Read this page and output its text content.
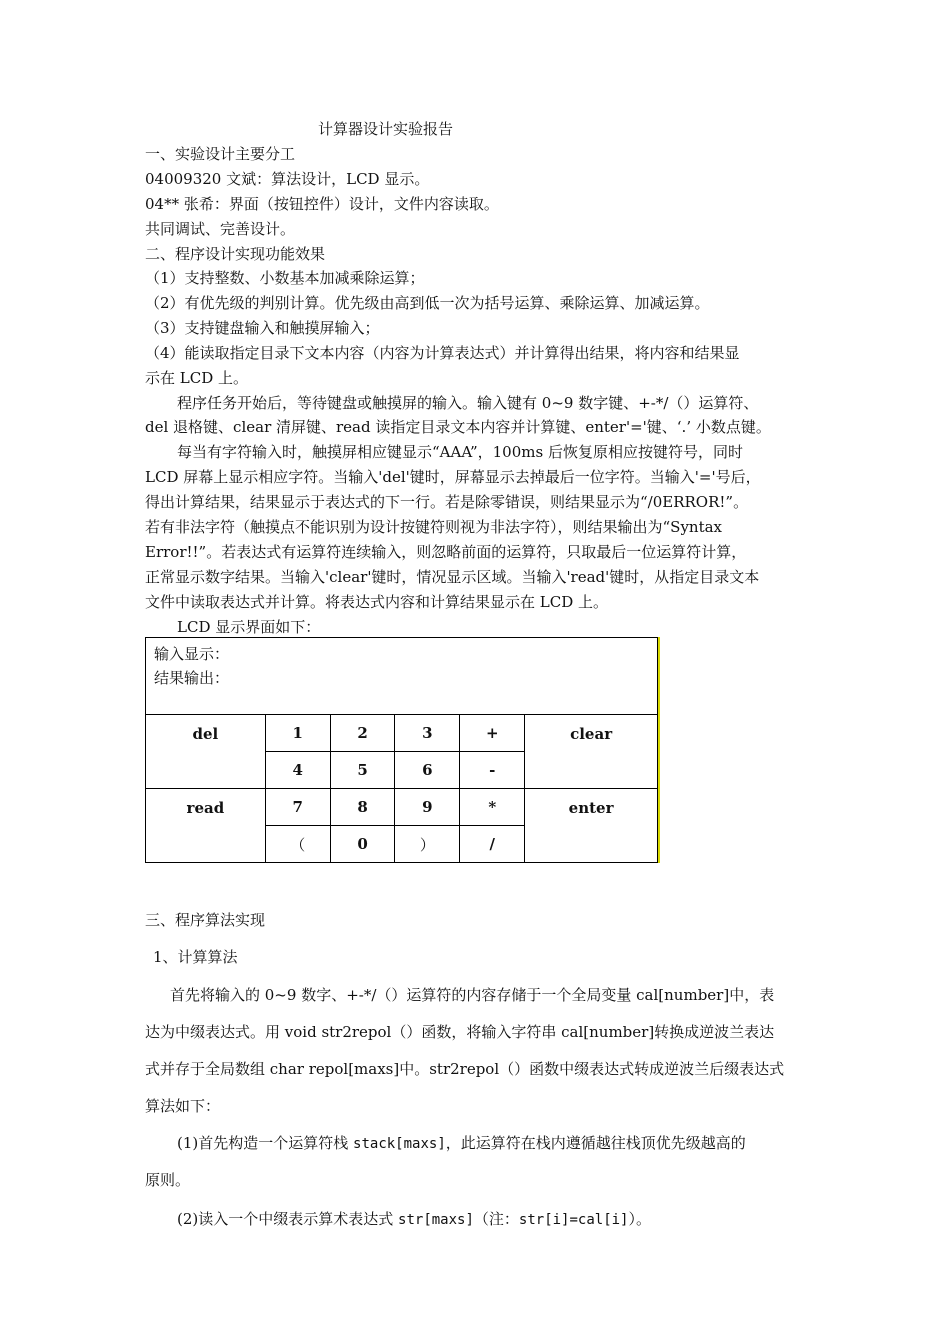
计算器设计实验报告
一、实验设计主要分工
04009320 文斌：算法设计，LCD 显示。
04** 张希：界面（按钮控件）设计，文件内容读取。
共同调试、完善设计。
二、程序设计实现功能效果
（1）支持整数、小数基本加减乘除运算；
（2）有优先级的判别计算。优先级由高到低一次为括号运算、乘除运算、加减运算。
（3）支持键盘输入和触摸屏输入；
（4）能读取指定目录下文本内容（内容为计算表达式）并计算得出结果，将内容和结果显
示在 LCD 上。
程序任务开始后，等待键盘或触摸屏的输入。输入键有 0~9 数字键、+-*/（）运算符、
del 退格键、clear 清屏键、read 读指定目录文本内容并计算键、enter'='键、‘.’ 小数点键。
每当有字符输入时，触摸屏相应键显示“AAA”，100ms 后恢复原相应按键符号，同时
LCD 屏幕上显示相应字符。当输入'del'键时，屏幕显示去掉最后一位字符。当输入'='号后，
得出计算结果，结果显示于表达式的下一行。若是除零错误，则结果显示为“/0ERROR!”。
若有非法字符（触摸点不能识别为设计按键符则视为非法字符），则结果输出为“Syntax
Error!!”。若表达式有运算符连续输入，则忽略前面的运算符，只取最后一位运算符计算，
正常显示数字结果。当输入'clear'键时，情况显示区域。当输入'read'键时，从指定目录文本
文件中读取表达式并计算。将表达式内容和计算结果显示在 LCD 上。
LCD 显示界面如下：
输入显示：
结果输出：					

del	1	2	3	+	clear
	4	5	6	-	
read	7	8	9	*	enter
	（	0	）	/	
三、程序算法实现
1、计算算法
首先将输入的 0~9 数字、+-*/（）运算符的内容存储于一个全局变量 cal[number]中，表
达为中缀表达式。用 void str2repol（）函数，将输入字符串 cal[number]转换成逆波兰表达
式并存于全局数组 char repol[maxs]中。str2repol（）函数中缀表达式转成逆波兰后缀表达式
算法如下：
(1)首先构造一个运算符栈 stack[maxs]，此运算符在栈内遵循越往栈顶优先级越高的
原则。
(2)读入一个中缀表示算术表达式 str[maxs]（注：str[i]=cal[i]）。
